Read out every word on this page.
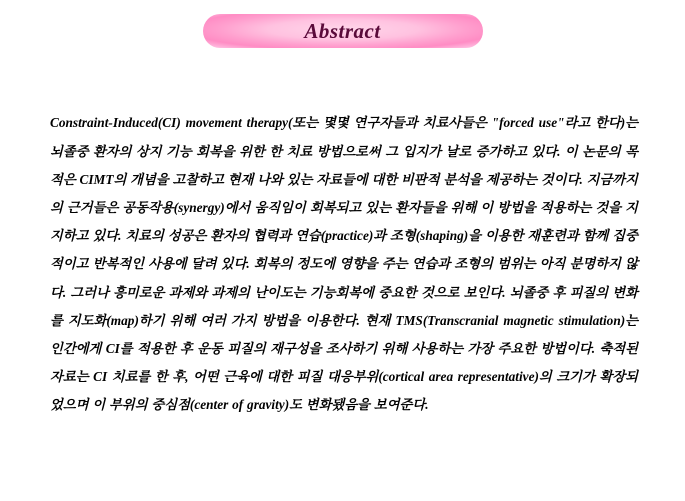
Abstract

Constraint-Induced(CI) movement therapy(또는 몇몇 연구자들과 치료사들은 "forced use"라고 한다)는 뇌졸중 환자의 상지 기능 회복을 위한 한 치료 방법으로써 그 입지가 날로 증가하고 있다. 이 논문의 목적은 CIMT의 개념을 고찰하고 현재 나와 있는 자료들에 대한 비판적 분석을 제공하는 것이다. 지금까지의 근거들은 공동작용(synergy)에서 움직임이 회복되고 있는 환자들을 위해 이 방법을 적용하는 것을 지지하고 있다. 치료의 성공은 환자의 협력과 연습(practice)과 조형(shaping)을 이용한 재훈련과 함께 집중적이고 반복적인 사용에 달려 있다. 회복의 정도에 영향을 주는 연습과 조형의 범위는 아직 분명하지 않다. 그러나 흥미로운 과제와 과제의 난이도는 기능회복에 중요한 것으로 보인다. 뇌졸중 후 피질의 변화를 지도화(map)하기 위해 여러 가지 방법을 이용한다. 현재 TMS(Transcranial magnetic stimulation)는 인간에게 CI를 적용한 후 운동 피질의 재구성을 조사하기 위해 사용하는 가장 주요한 방법이다. 축적된 자료는 CI 치료를 한 후, 어떤 근육에 대한 피질 대응부위(cortical area representative)의 크기가 확장되었으며 이 부위의 중심점(center of gravity)도 변화됐음을 보여준다.
